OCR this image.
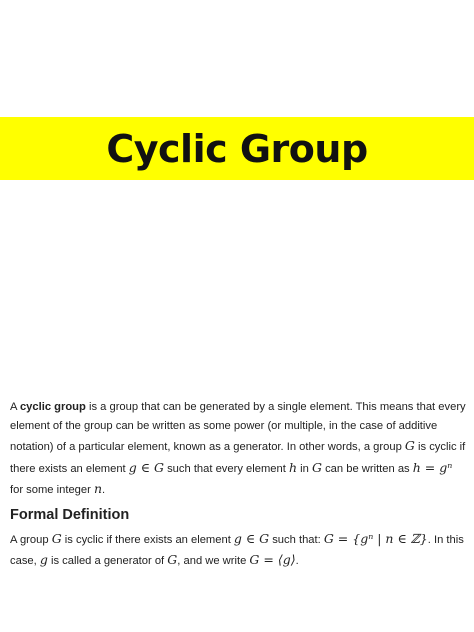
Cyclic Group

A cyclic group is a group that can be generated by a single element. This means that every element of the group can be written as some power (or multiple, in the case of additive notation) of a particular element, known as a generator. In other words, a group G is cyclic if there exists an element g ∈ G such that every element h in G can be written as h = gⁿ for some integer n.

Formal Definition

A group G is cyclic if there exists an element g ∈ G such that: G = {gⁿ | n ∈ ℤ}. In this case, g is called a generator of G, and we write G = ⟨g⟩.
